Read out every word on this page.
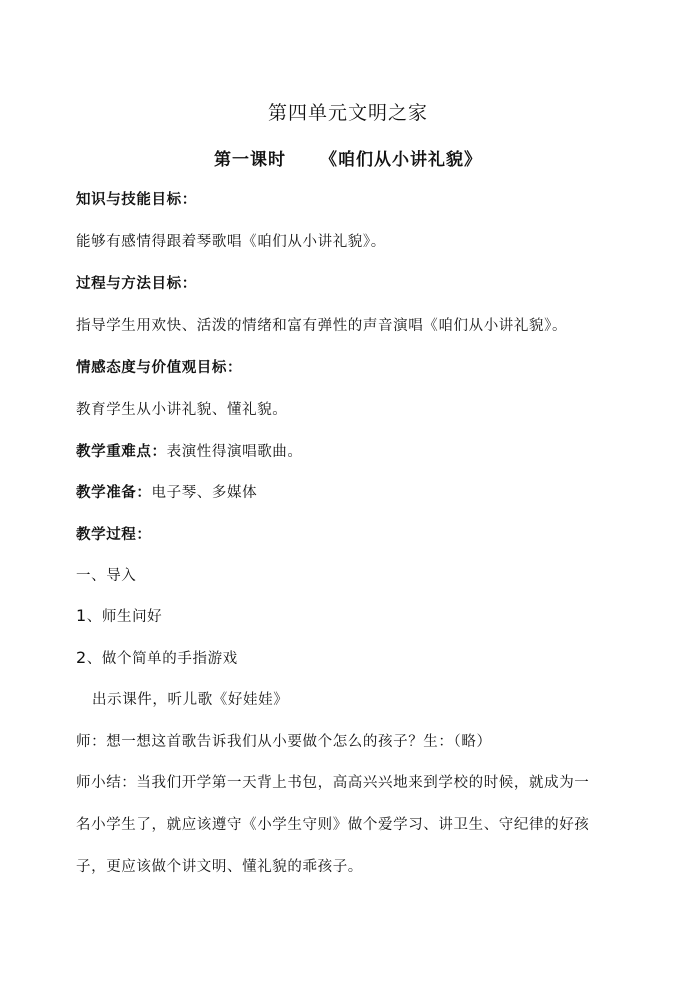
第四单元文明之家
第一课时 《咱们从小讲礼貌》
知识与技能目标：
能够有感情得跟着琴歌唱《咱们从小讲礼貌》。
过程与方法目标：
指导学生用欢快、活泼的情绪和富有弹性的声音演唱《咱们从小讲礼貌》。
情感态度与价值观目标：
教育学生从小讲礼貌、懂礼貌。
教学重难点：表演性得演唱歌曲。
教学准备：电子琴、多媒体
教学过程：
一、导入
1、师生问好
2、做个简单的手指游戏
出示课件，听儿歌《好娃娃》
师：想一想这首歌告诉我们从小要做个怎么的孩子？生：（略）
师小结：当我们开学第一天背上书包，高高兴兴地来到学校的时候，就成为一
名小学生了，就应该遵守《小学生守则》做个爱学习、讲卫生、守纪律的好孩
子，更应该做个讲文明、懂礼貌的乖孩子。
